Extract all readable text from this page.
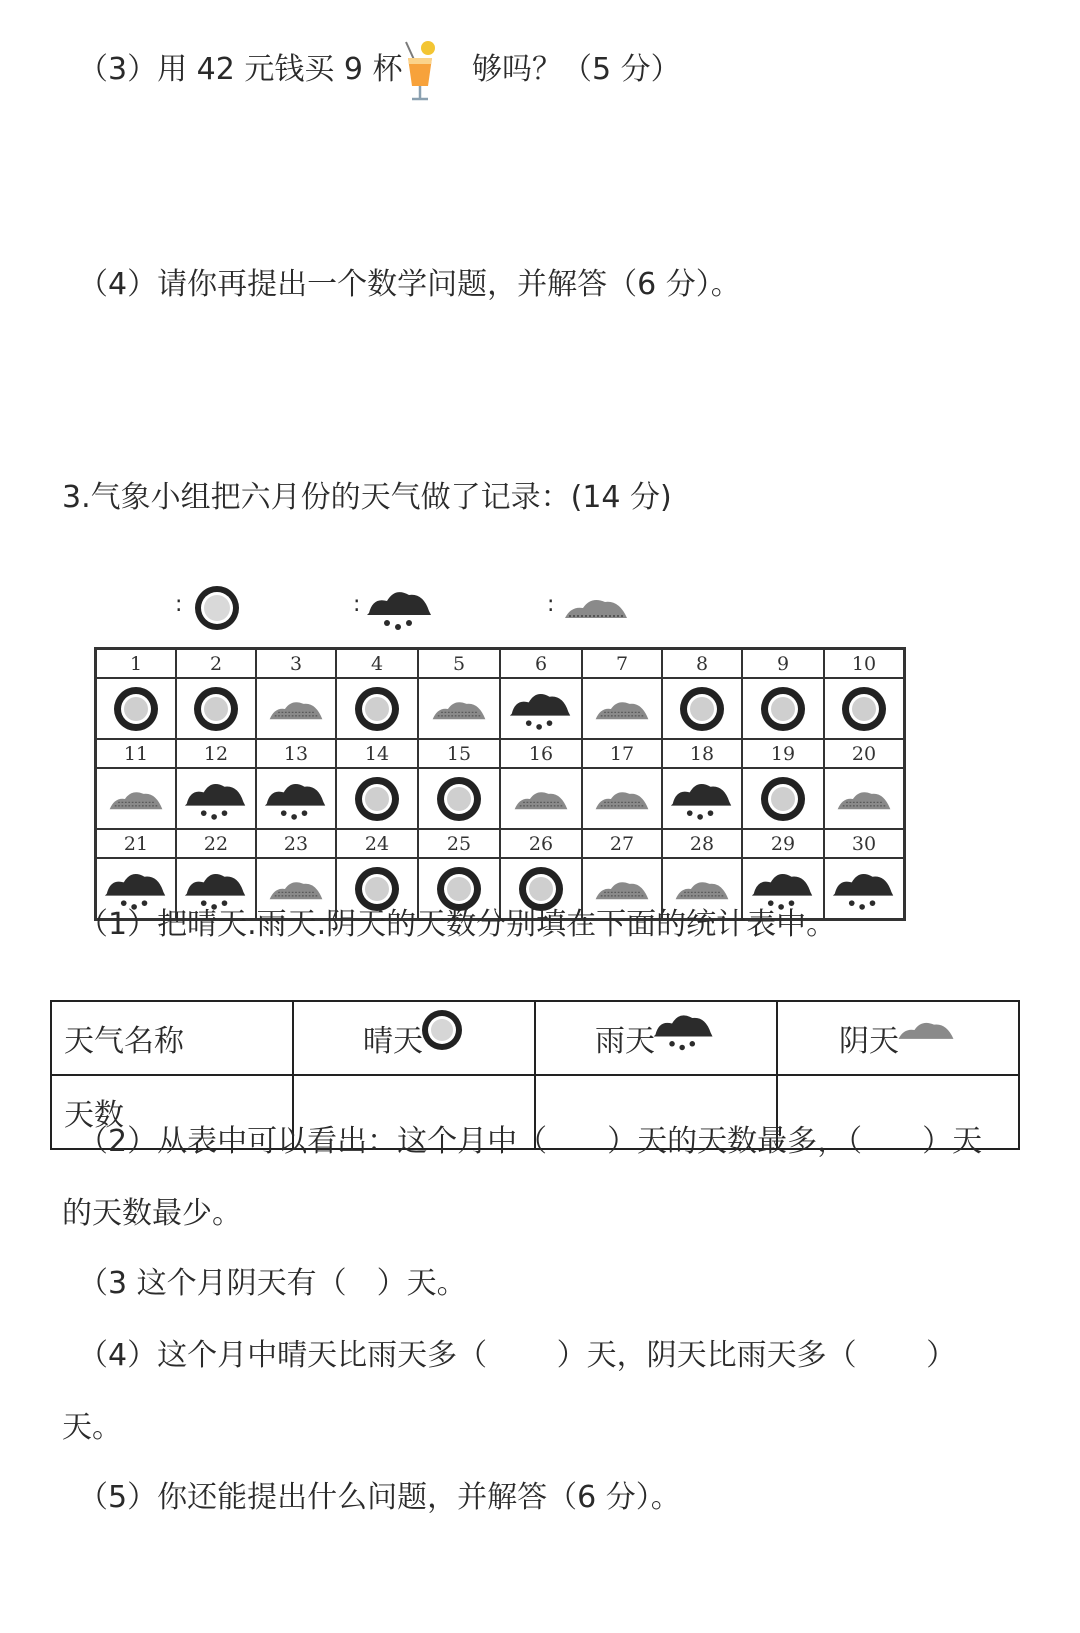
（3）用 42 元钱买 9 杯 够吗？（5 分）
（4）请你再提出一个数学问题，并解答（6 分）。
3.气象小组把六月份的天气做了记录：(14 分)
:	:	:
1	2	3	4	5	6	7	8	9	10

11	12	13	14	15	16	17	18	19	20

21	22	23	24	25	26	27	28	29	30

（1）把晴天.雨天.阴天的天数分别填在下面的统计表中。
天气名称	晴天	雨天	阴天

天数			
（2）从表中可以看出：这个月中（　　）天的天数最多，（　　）天
的天数最少。
（3 这个月阴天有（　）天。
（4）这个月中晴天比雨天多（　　 ）天，阴天比雨天多（　　 ）
天。
（5）你还能提出什么问题，并解答（6 分）。
